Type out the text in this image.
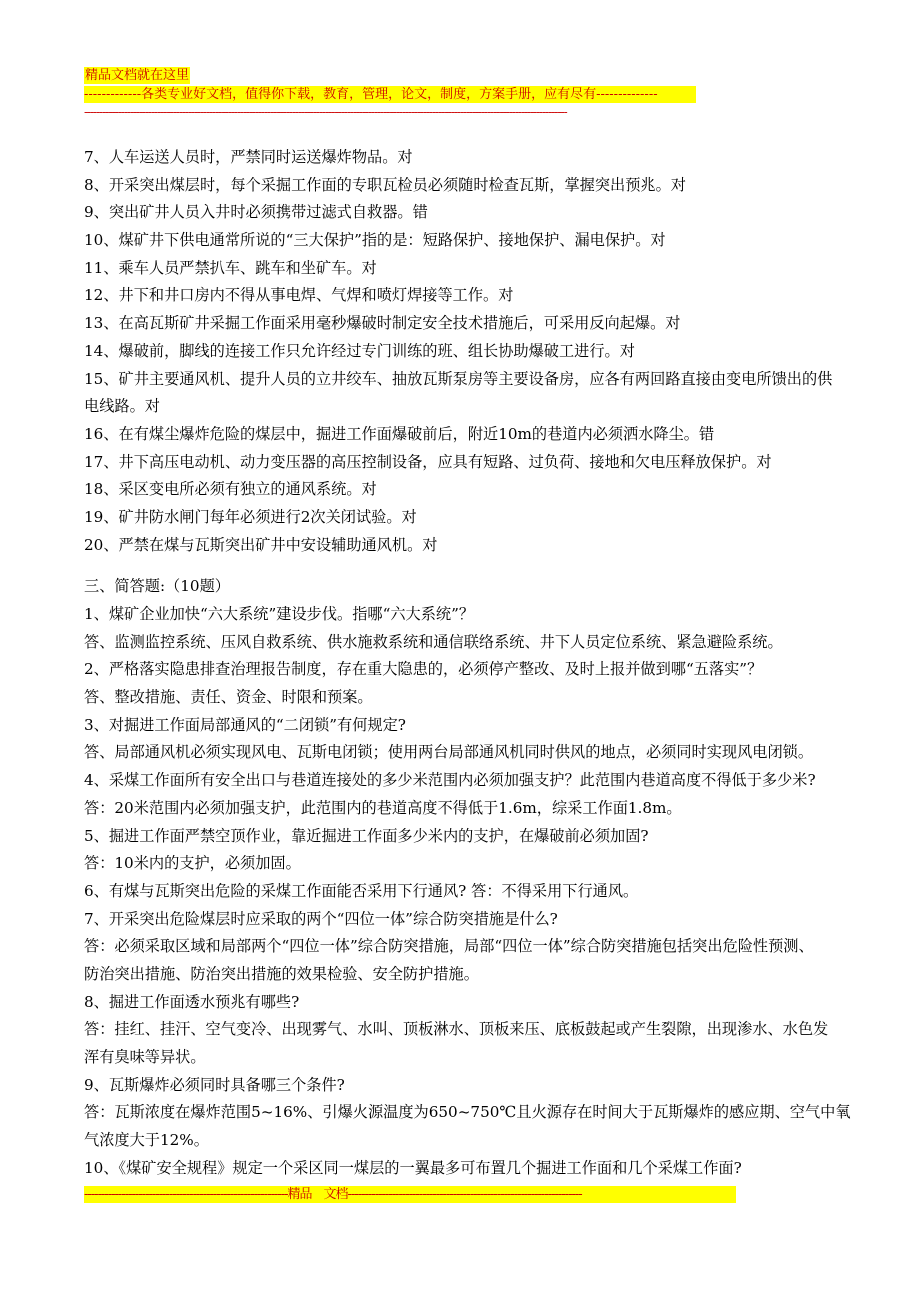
精品文档就在这里
-------------各类专业好文档，值得你下载，教育，管理，论文，制度，方案手册，应有尽有--------------
--------------------------------------------------------------------------------------------------------------------------------------------------------------
7、人车运送人员时，严禁同时运送爆炸物品。对
8、开采突出煤层时，每个采掘工作面的专职瓦检员必须随时检查瓦斯，掌握突出预兆。对
9、突出矿井人员入井时必须携带过滤式自救器。错
10、煤矿井下供电通常所说的“三大保护”指的是：短路保护、接地保护、漏电保护。对
11、乘车人员严禁扒车、跳车和坐矿车。对
12、井下和井口房内不得从事电焊、气焊和喷灯焊接等工作。对
13、在高瓦斯矿井采掘工作面采用毫秒爆破时制定安全技术措施后，可采用反向起爆。对
14、爆破前，脚线的连接工作只允许经过专门训练的班、组长协助爆破工进行。对
15、矿井主要通风机、提升人员的立井绞车、抽放瓦斯泵房等主要设备房，应各有两回路直接由变电所馈出的供
电线路。对
16、在有煤尘爆炸危险的煤层中，掘进工作面爆破前后，附近10m的巷道内必须洒水降尘。错
17、井下高压电动机、动力变压器的高压控制设备，应具有短路、过负荷、接地和欠电压释放保护。对
18、采区变电所必须有独立的通风系统。对
19、矿井防水闸门每年必须进行2次关闭试验。对
20、严禁在煤与瓦斯突出矿井中安设辅助通风机。对
三、简答题:（10题）
1、煤矿企业加快“六大系统”建设步伐。指哪“六大系统”？
答、监测监控系统、压风自救系统、供水施救系统和通信联络系统、井下人员定位系统、紧急避险系统。
2、严格落实隐患排查治理报告制度，存在重大隐患的，必须停产整改、及时上报并做到哪“五落实”？
答、整改措施、责任、资金、时限和预案。
3、对掘进工作面局部通风的“二闭锁”有何规定?
答、局部通风机必须实现风电、瓦斯电闭锁；使用两台局部通风机同时供风的地点，必须同时实现风电闭锁。
4、采煤工作面所有安全出口与巷道连接处的多少米范围内必须加强支护？此范围内巷道高度不得低于多少米?
答：20米范围内必须加强支护，此范围内的巷道高度不得低于1.6m，综采工作面1.8m。
5、掘进工作面严禁空顶作业，靠近掘进工作面多少米内的支护，在爆破前必须加固?
答：10米内的支护，必须加固。
6、有煤与瓦斯突出危险的采煤工作面能否采用下行通风? 答：不得采用下行通风。
7、开采突出危险煤层时应采取的两个“四位一体”综合防突措施是什么?
答：必须采取区域和局部两个“四位一体”综合防突措施，局部“四位一体”综合防突措施包括突出危险性预测、
防治突出措施、防治突出措施的效果检验、安全防护措施。
8、掘进工作面透水预兆有哪些?
答：挂红、挂汗、空气变冷、出现雾气、水叫、顶板淋水、顶板来压、底板鼓起或产生裂隙，出现渗水、水色发
浑有臭味等异状。
9、瓦斯爆炸必须同时具备哪三个条件?
答：瓦斯浓度在爆炸范围5~16%、引爆火源温度为650~750℃且火源存在时间大于瓦斯爆炸的感应期、空气中氧
气浓度大于12%。
10、《煤矿安全规程》规定一个采区同一煤层的一翼最多可布置几个掘进工作面和几个采煤工作面?
------------------------------------------------------------精品　文档---------------------------------------------------------------------
